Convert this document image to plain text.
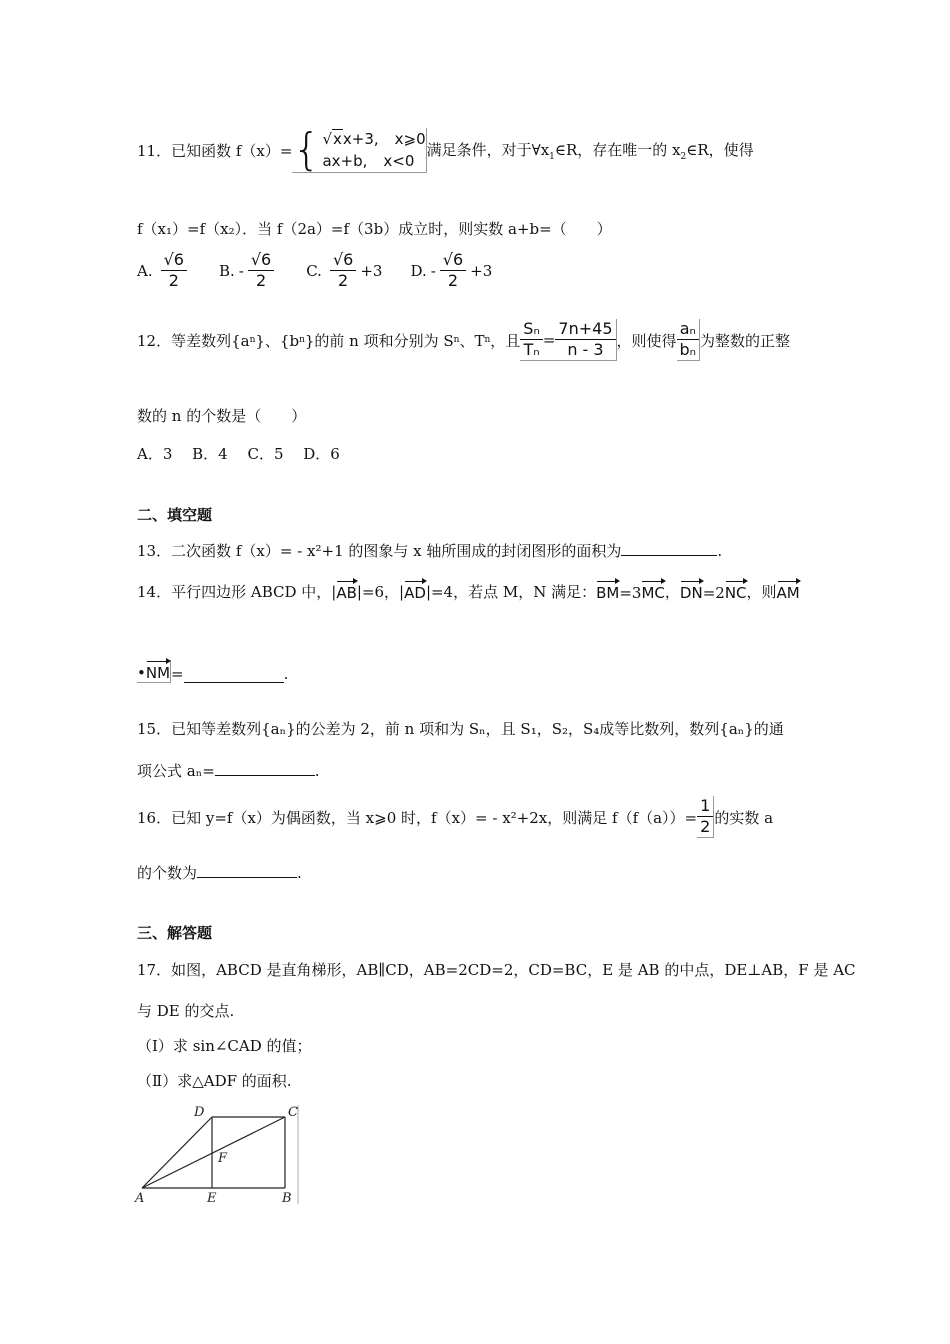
11．已知函数 f（x）= { √xx+3, x⩾0
ax+b, x<0
满足条件，对于$\forall x_1\in R$，存在唯一的 $x_2\in R$，使得
f（x₁）=f（x₂）．当 f（2a）=f（3b）成立时，则实数 a+b=（　　）
A. $\frac{√6}{2} B$. - $\frac{√6}{2} C$. $\frac{√6}{2} +3$ D. - $\frac{√6}{2} +3$
12．等差数列{a n }、{b n }的前 n 项和分别为 S n 、T n ，且 $\frac{\text{Sₙ}}{\text{Tₙ}} = \frac{7n+45}{n - 3}$ ，则使得 $\frac{\text{aₙ}}{\text{bₙ}}$ 为整数的正整
数的 n 的个数是（　　）
A．3　 B．4　 C．5　 D．6
二、填空题
13．二次函数 f（x）= - x²+1 的图象与 x 轴所围成的封闭图形的面积为	.
14．平行四边形 ABCD 中，| AB |=6，| AD |=4，若点 M，N 满足： BM =3 MC ， DN =2 NC ，则 AM
• NM =	.
15．已知等差数列{aₙ}的公差为 2，前 n 项和为 Sₙ，且 S₁，S₂，S₄成等比数列，数列{aₙ}的通
项公式 aₙ=	.
16．已知 y=f（x）为偶函数，当 x⩾0 时，f（x）= - x²+2x，则满足 $f(f(a))= \frac{1}{2}$ 的实数 a
的个数为	.
三、解答题
17．如图，ABCD 是直角梯形，AB∥CD，AB=2CD=2，CD=BC，E 是 AB 的中点，DE⊥AB，F 是 AC
与 DE 的交点.
（Ⅰ）求 sin∠CAD 的值；
（Ⅱ）求△ADF 的面积.
A	B
C
D
E
F
